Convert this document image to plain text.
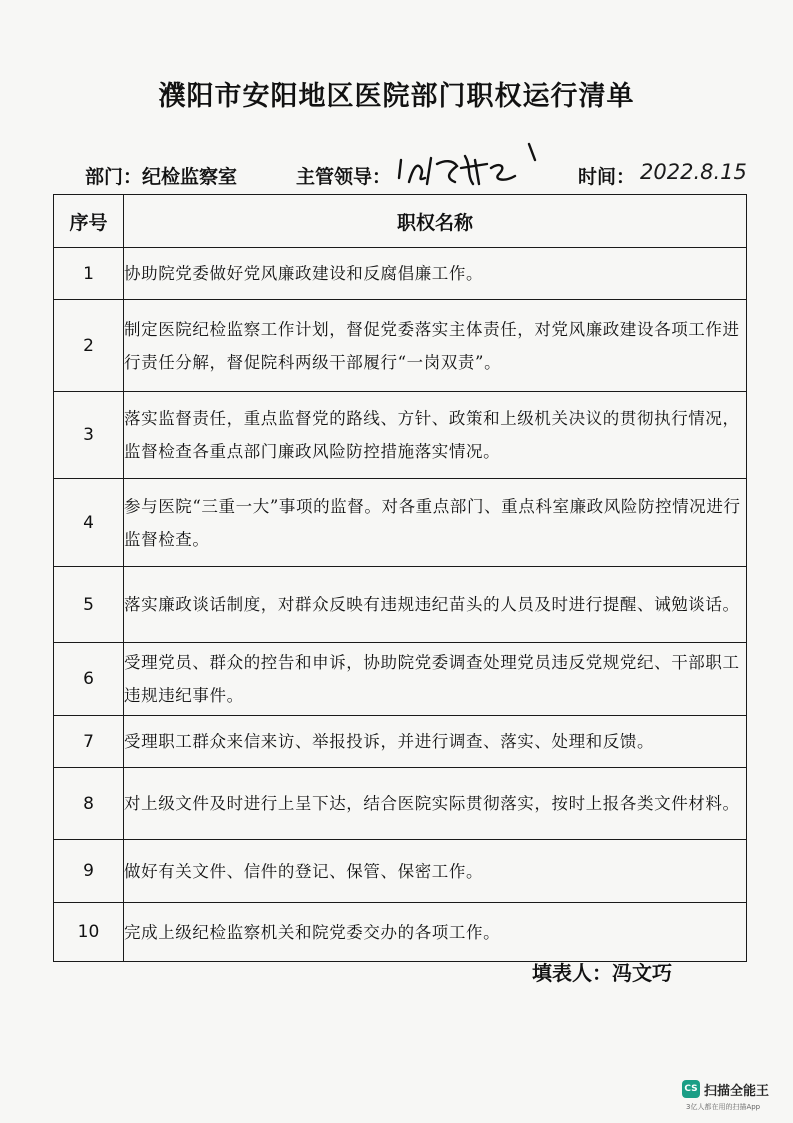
濮阳市安阳地区医院部门职权运行清单
部门：纪检监察室	主管领导：	时间： 2022.8.15
序号	职权名称
1	协助院党委做好党风廉政建设和反腐倡廉工作。
2	制定医院纪检监察工作计划，督促党委落实主体责任，对党风廉政建设各项工作进行责任分解，督促院科两级干部履行“一岗双责”。
3	落实监督责任，重点监督党的路线、方针、政策和上级机关决议的贯彻执行情况，监督检查各重点部门廉政风险防控措施落实情况。
4	参与医院“三重一大”事项的监督。对各重点部门、重点科室廉政风险防控情况进行监督检查。
5	落实廉政谈话制度，对群众反映有违规违纪苗头的人员及时进行提醒、诫勉谈话。
6	受理党员、群众的控告和申诉，协助院党委调查处理党员违反党规党纪、干部职工违规违纪事件。
7	受理职工群众来信来访、举报投诉，并进行调查、落实、处理和反馈。
8	对上级文件及时进行上呈下达，结合医院实际贯彻落实，按时上报各类文件材料。
9	做好有关文件、信件的登记、保管、保密工作。
10	完成上级纪检监察机关和院党委交办的各项工作。
填表人：冯文巧
CS 扫描全能王
3亿人都在用的扫描App
